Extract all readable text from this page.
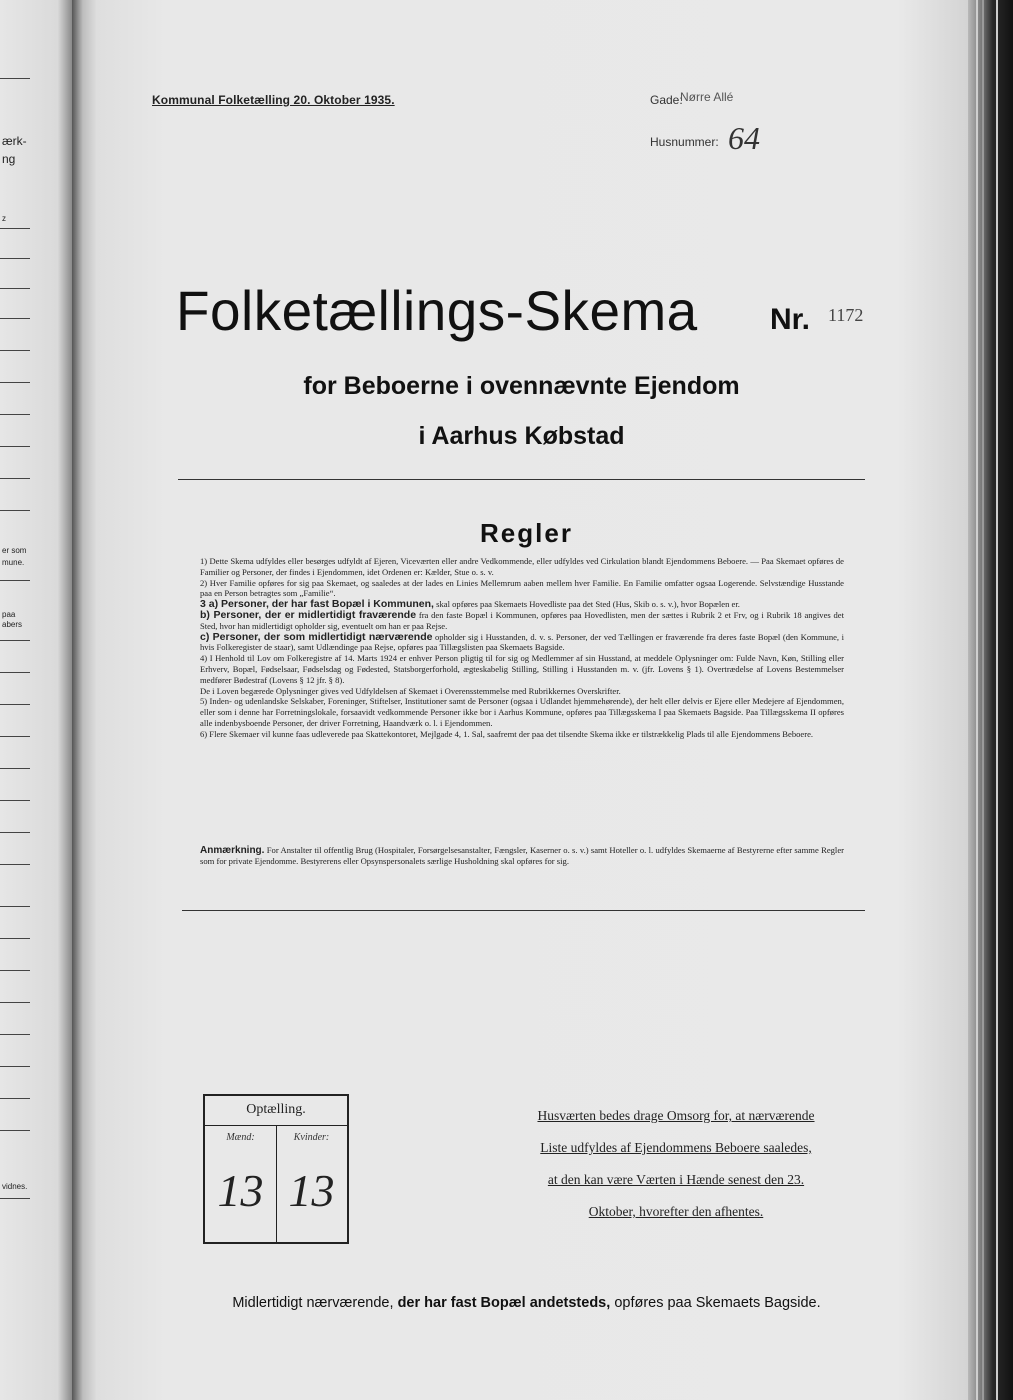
ærk-
ng
z
er som
mune.
paa
abers
vidnes.
Kommunal Folketælling 20. Oktober 1935.	Gade:
Nørre Allé
Husnummer: 64
Folketællings-Skema Nr. 1172
for Beboerne i ovennævnte Ejendom
i Aarhus Købstad
Regler

1) Dette Skema udfyldes eller besørges udfyldt af Ejeren, Viceværten eller andre Vedkommende, eller udfyldes ved Cirkulation blandt Ejendommens Beboere. — Paa Skemaet opføres de Familier og Personer, der findes i Ejendommen, idet Ordenen er: Kælder, Stue o. s. v.

2) Hver Familie opføres for sig paa Skemaet, og saaledes at der lades en Linies Mellemrum aaben mellem hver Familie. En Familie omfatter ogsaa Logerende. Selvstændige Husstande paa en Person betragtes som „Familie“.

3 a) Personer, der har fast Bopæl i Kommunen, skal opføres paa Skemaets Hovedliste paa det Sted (Hus, Skib o. s. v.), hvor Bopælen er.

b) Personer, der er midlertidigt fraværende fra den faste Bopæl i Kommunen, opføres paa Hovedlisten, men der sættes i Rubrik 2 et Frv, og i Rubrik 18 angives det Sted, hvor han midlertidigt opholder sig, eventuelt om han er paa Rejse.

c) Personer, der som midlertidigt nærværende opholder sig i Husstanden, d. v. s. Personer, der ved Tællingen er fraværende fra deres faste Bopæl (den Kommune, i hvis Folkeregister de staar), samt Udlændinge paa Rejse, opføres paa Tillægslisten paa Skemaets Bagside.

4) I Henhold til Lov om Folkeregistre af 14. Marts 1924 er enhver Person pligtig til for sig og Medlemmer af sin Husstand, at meddele Oplysninger om: Fulde Navn, Køn, Stilling eller Erhverv, Bopæl, Fødselsaar, Fødselsdag og Fødested, Statsborgerforhold, ægteskabelig Stilling, Stilling i Husstanden m. v. (jfr. Lovens § 1). Overtrædelse af Lovens Bestemmelser medfører Bødestraf (Lovens § 12 jfr. § 8).

De i Loven begærede Oplysninger gives ved Udfyldelsen af Skemaet i Overensstemmelse med Rubrikkernes Overskrifter.

5) Inden- og udenlandske Selskaber, Foreninger, Stiftelser, Institutioner samt de Personer (ogsaa i Udlandet hjemmehørende), der helt eller delvis er Ejere eller Medejere af Ejendommen, eller som i denne har Forretningslokale, forsaavidt vedkommende Personer ikke bor i Aarhus Kommune, opføres paa Tillægsskema I paa Skemaets Bagside. Paa Tillægsskema II opføres alle indenbysboende Personer, der driver Forretning, Haandværk o. l. i Ejendommen.

6) Flere Skemaer vil kunne faas udleverede paa Skattekontoret, Mejlgade 4, 1. Sal, saafremt der paa det tilsendte Skema ikke er tilstrækkelig Plads til alle Ejendommens Beboere.

Anmærkning. For Anstalter til offentlig Brug (Hospitaler, Forsørgelsesanstalter, Fængsler, Kaserner o. s. v.) samt Hoteller o. l. udfyldes Skemaerne af Bestyrerne efter samme Regler som for private Ejendomme. Bestyrerens eller Opsynspersonalets særlige Husholdning skal opføres for sig.
Optælling.
Mænd:	Kvinder:
13 13
Husværten bedes drage Omsorg for, at nærværende
Liste udfyldes af Ejendommens Beboere saaledes,
at den kan være Værten i Hænde senest den 23.
Oktober, hvorefter den afhentes.
Midlertidigt nærværende, der har fast Bopæl andetsteds, opføres paa Skemaets Bagside.
